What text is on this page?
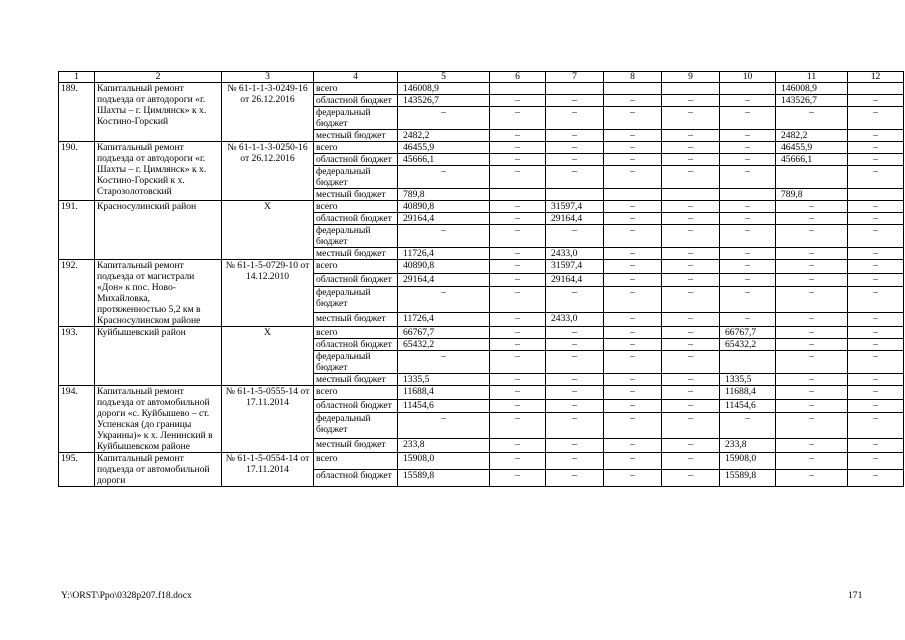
1	2	3	4	5	6	7	8	9	10	11	12
189.	Капитальный ремонт подъезда от автодороги «г. Шахты – г. Цимлянск» к х. Костино-Горский	№ 61-1-1-3-0249-16 от 26.12.2016	всего	146008,9						146008,9	
			областной бюджет	143526,7	–	–	–	–	–	143526,7	–
			федеральный бюджет	–	–	–	–	–	–	–	–
			местный бюджет	2482,2	–	–	–	–	–	2482,2	–
190.	Капитальный ремонт подъезда от автодороги «г. Шахты – г. Цимлянск» к х. Костино-Горский к х. Старозолотовский	№ 61-1-1-3-0250-16 от 26.12.2016	всего	46455,9	–	–	–	–	–	46455,9	–
			областной бюджет	45666,1	–	–	–	–	–	45666,1	–
			федеральный бюджет	–	–	–	–	–	–		–
			местный бюджет	789,8						789,8	
191.	Красносулинский район	X	всего	40890,8	–	31597,4	–	–	–	–	–
			областной бюджет	29164,4	–	29164,4	–	–	–	–	–
			федеральный бюджет	–	–	–	–	–	–	–	–
			местный бюджет	11726,4	–	2433,0	–	–	–	–	–
192.	Капитальный ремонт подъезда от магистрали «Дон» к пос. Ново-Михайловка, протяженностью 5,2 км в Красносулинском районе	№ 61-1-5-0729-10 от 14.12.2010	всего	40890,8	–	31597,4	–	–	–	–	–
			областной бюджет	29164,4	–	29164,4	–	–	–	–	–
			федеральный бюджет	–	–	–	–	–	–	–	–
			местный бюджет	11726,4	–	2433,0	–	–	–	–	–
193.	Куйбышевский район	X	всего	66767,7	–	–	–	–	66767,7	–	–
			областной бюджет	65432,2	–	–	–	–	65432,2	–	–
			федеральный бюджет	–	–	–	–	–		–	–
			местный бюджет	1335,5	–	–	–	–	1335,5	–	–
194.	Капитальный ремонт подъезда от автомобильной дороги «с. Куйбышево – ст. Успенская (до границы Украины)» к х. Ленинский в Куйбышевском районе	№ 61-1-5-0555-14 от 17.11.2014	всего	11688,4	–	–	–	–	11688,4	–	–
			областной бюджет	11454,6	–	–	–	–	11454,6	–	–
			федеральный бюджет	–	–	–	–	–	–	–	–
			местный бюджет	233,8	–	–	–	–	233,8	–	–
195.	Капитальный ремонт подъезда от автомобильной дороги	№ 61-1-5-0554-14 от 17.11.2014	всего	15908,0	–	–	–	–	15908,0	–	–
			областной бюджет	15589,8	–	–	–	–	15589,8	–	–
Y:\ORST\Ppo\0328p207.f18.docx	171
